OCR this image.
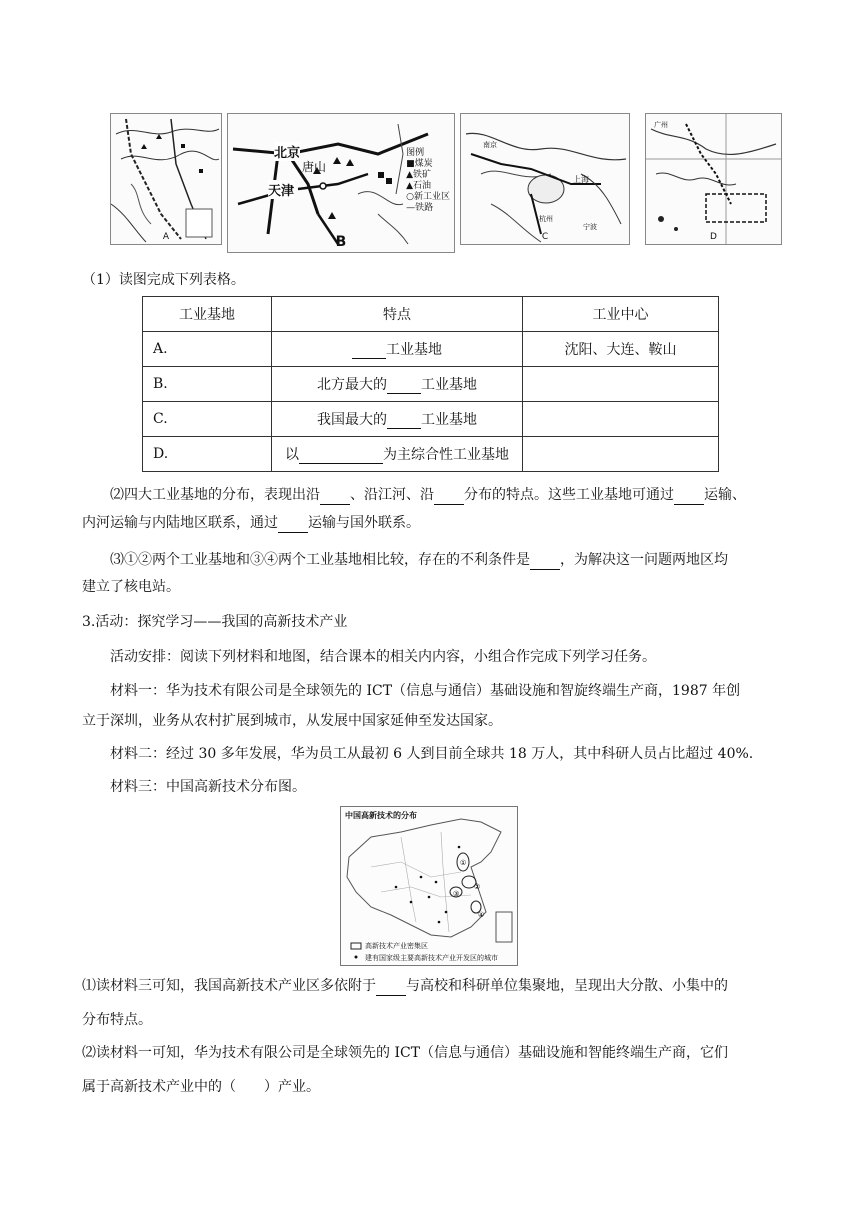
A
北京
唐山
天津
图例
■煤炭
▲铁矿
▲石油
○新工业区
—铁路
B
南京
上海
杭州
宁波
C
广州
D
（1）读图完成下列表格。
工业基地	特点	工业中心
A.	工业基地	沈阳、大连、鞍山
B.	北方最大的 工业基地	
C.	我国最大的 工业基地	
D.	以 为主综合性工业基地	
⑵四大工业基地的分布，表现出沿 、沿江河、沿 分布的特点。这些工业基地可通过 运输、
内河运输与内陆地区联系，通过 运输与国外联系。
⑶①②两个工业基地和③④两个工业基地相比较，存在的不利条件是 ，为解决这一问题两地区均
建立了核电站。
3.活动：探究学习——我国的高新技术产业
活动安排：阅读下列材料和地图，结合课本的相关内内容，小组合作完成下列学习任务。
材料一：华为技术有限公司是全球领先的 ICT（信息与通信）基础设施和智旋终端生产商，1987 年创
立于深圳，业务从农村扩展到城市，从发展中国家延伸至发达国家。
材料二：经过 30 多年发展，华为员工从最初 6 人到目前全球共 18 万人，其中科研人员占比超过 40%.
材料三：中国高新技术分布图。
中国高新技术的分布
①
②
③
④
高新技术产业密集区
建有国家级主要高新技术产业开发区的城市
⑴读材料三可知，我国高新技术产业区多依附于 与高校和科研单位集聚地，呈现出大分散、小集中的
分布特点。
⑵读材料一可知，华为技术有限公司是全球领先的 ICT（信息与通信）基础设施和智能终端生产商，它们
属于高新技术产业中的（　　）产业。
